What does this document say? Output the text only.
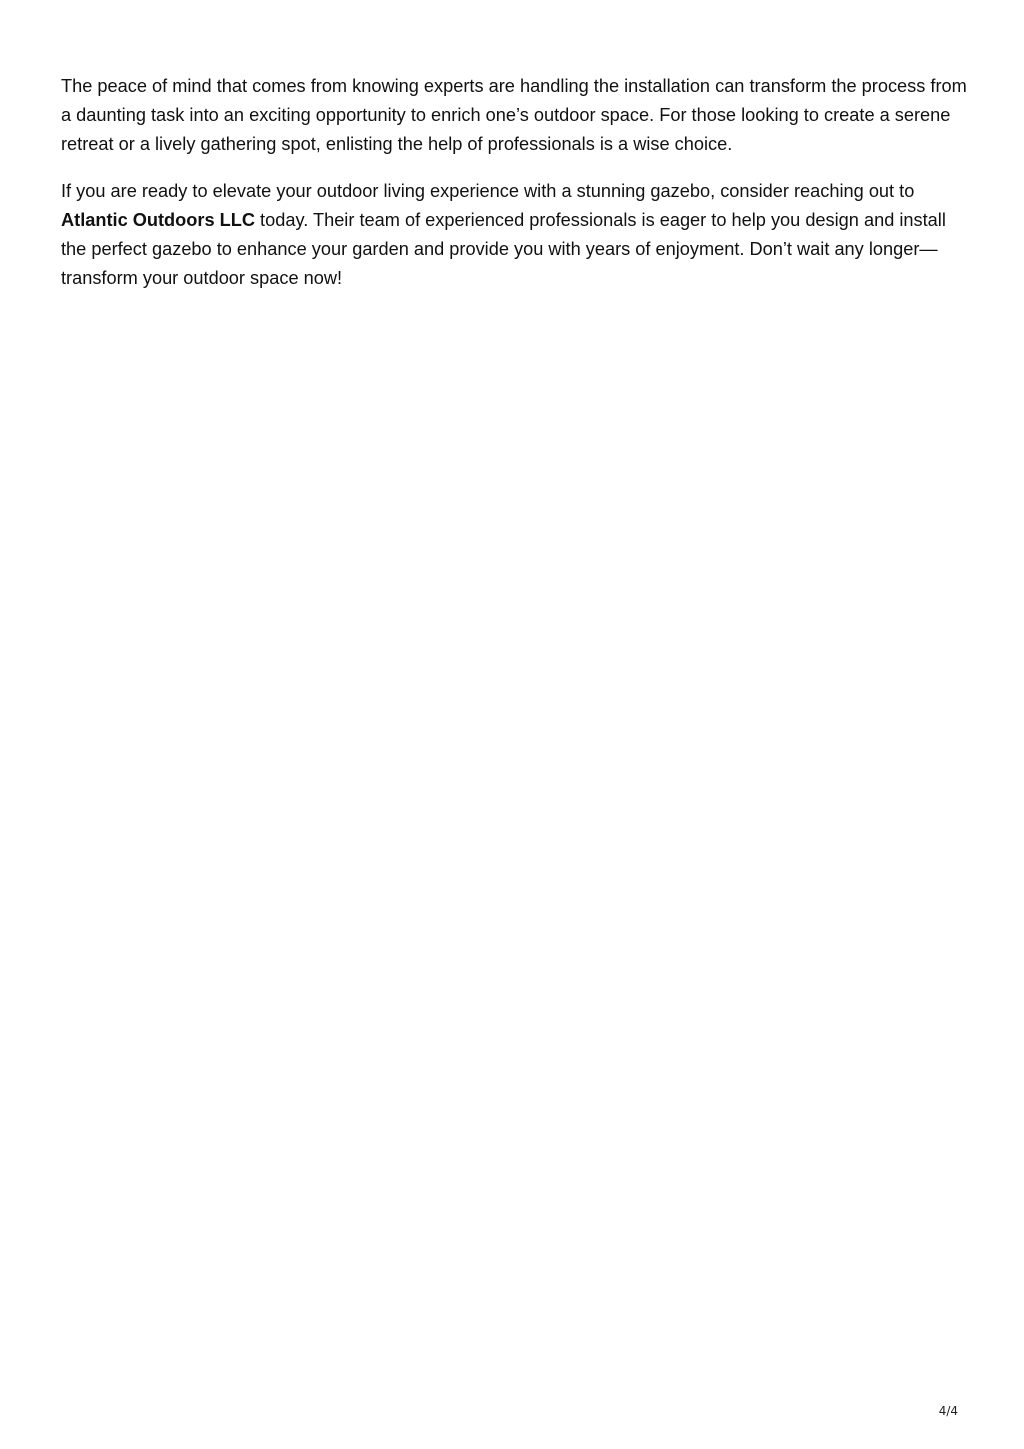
The peace of mind that comes from knowing experts are handling the installation can transform the process from a daunting task into an exciting opportunity to enrich one’s outdoor space. For those looking to create a serene retreat or a lively gathering spot, enlisting the help of professionals is a wise choice.

If you are ready to elevate your outdoor living experience with a stunning gazebo, consider reaching out to Atlantic Outdoors LLC today. Their team of experienced professionals is eager to help you design and install the perfect gazebo to enhance your garden and provide you with years of enjoyment. Don’t wait any longer—transform your outdoor space now!

4/4
